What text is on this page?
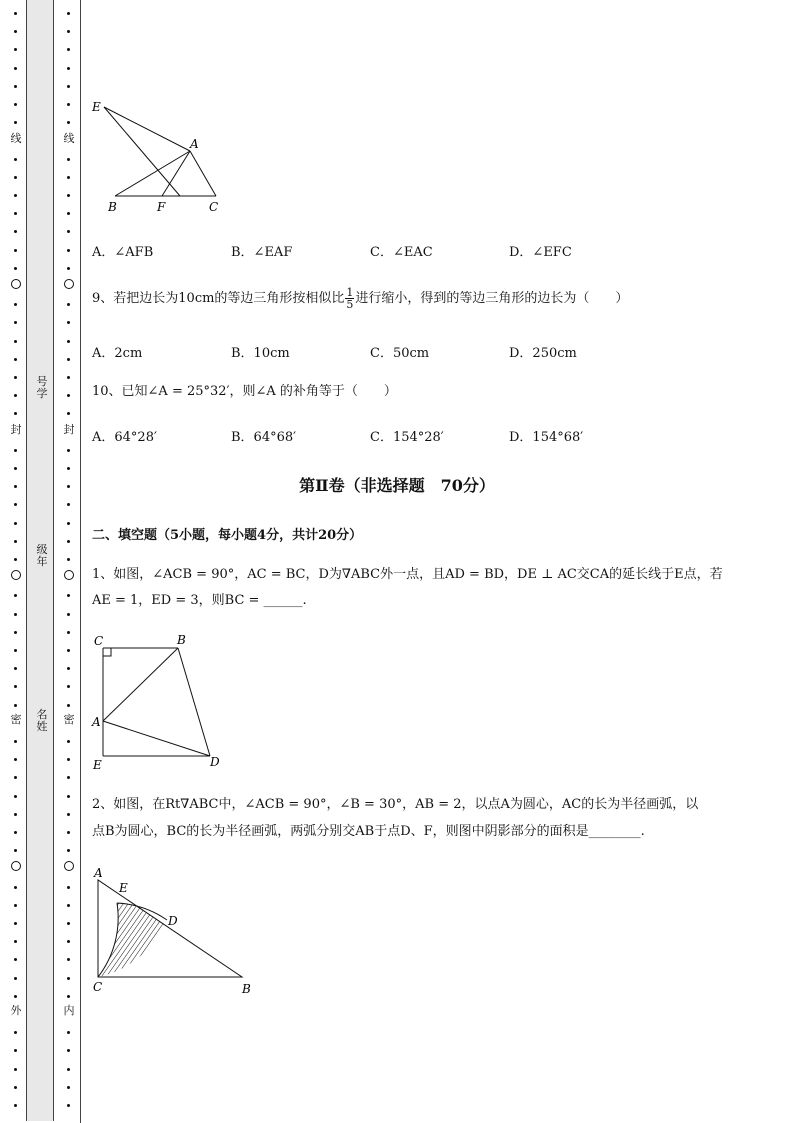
线
封
密
外
线
封
密
内
号学
级年
名姓
E
A
B	F	C
A．∠AFB	B．∠EAF	C．∠EAC	D．∠EFC
9、若把边长为10cm的等边三角形按相似比 $\frac{1}{5}$ 进行缩小，得到的等边三角形的边长为（　　）
A．2cm	B．10cm	C．50cm	D．250cm
10、已知∠A = 25°32′，则∠A 的补角等于（　　）
A．64°28′	B．64°68′	C．154°28′	D．154°68′
第Ⅱ卷（非选择题　70分）
二、填空题（5小题，每小题4分，共计20分）
1、如图，∠ACB = 90°，AC = BC，D为∇ABC外一点，且AD = BD，DE ⊥ AC交CA的延长线于E点，若
AE = 1，ED = 3，则BC = ______.
C	B
A
E	D
2、如图，在Rt∇ABC中，∠ACB = 90°，∠B = 30°，AB = 2，以点A为圆心，AC的长为半径画弧，以
点B为圆心，BC的长为半径画弧，两弧分别交AB于点D、F，则图中阴影部分的面积是________.
A
E
D
C	B
